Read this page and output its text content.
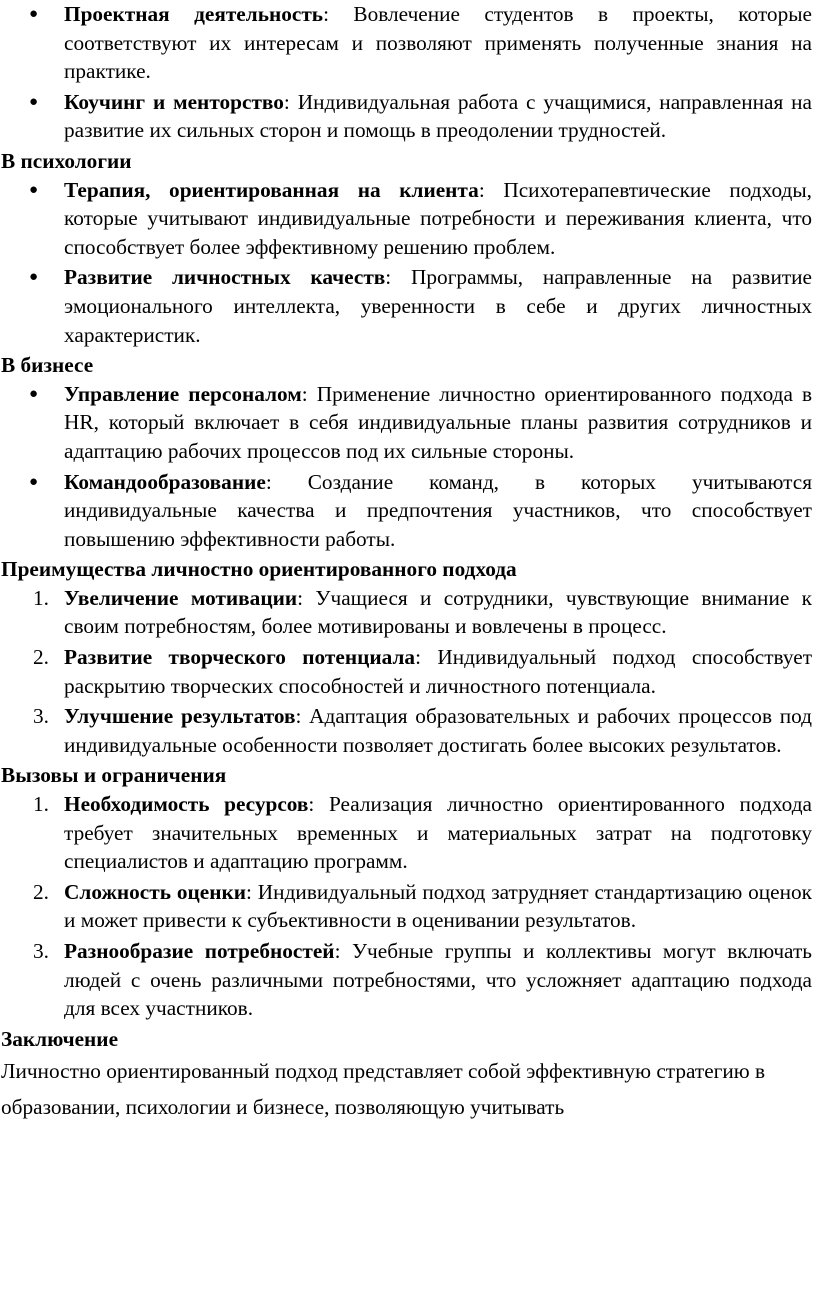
●	Проектная деятельность: Вовлечение студентов в проекты, которые соответствуют их интересам и позволяют применять полученные знания на практике.
●	Коучинг и менторство: Индивидуальная работа с учащимися, направленная на развитие их сильных сторон и помощь в преодолении трудностей.

В психологии

●	Терапия, ориентированная на клиента: Психотерапевтические подходы, которые учитывают индивидуальные потребности и переживания клиента, что способствует более эффективному решению проблем.
●	Развитие личностных качеств: Программы, направленные на развитие эмоционального интеллекта, уверенности в себе и других личностных характеристик.

В бизнесе

●	Управление персоналом: Применение личностно ориентированного подхода в HR, который включает в себя индивидуальные планы развития сотрудников и адаптацию рабочих процессов под их сильные стороны.
●	Командообразование: Создание команд, в которых учитываются индивидуальные качества и предпочтения участников, что способствует повышению эффективности работы.

Преимущества личностно ориентированного подхода

1. Увеличение мотивации: Учащиеся и сотрудники, чувствующие внимание к своим потребностям, более мотивированы и вовлечены в процесс.
2. Развитие творческого потенциала: Индивидуальный подход способствует раскрытию творческих способностей и личностного потенциала.
3. Улучшение результатов: Адаптация образовательных и рабочих процессов под индивидуальные особенности позволяет достигать более высоких результатов.

Вызовы и ограничения

1. Необходимость ресурсов: Реализация личностно ориентированного подхода требует значительных временных и материальных затрат на подготовку специалистов и адаптацию программ.
2. Сложность оценки: Индивидуальный подход затрудняет стандартизацию оценок и может привести к субъективности в оценивании результатов.
3. Разнообразие потребностей: Учебные группы и коллективы могут включать людей с очень различными потребностями, что усложняет адаптацию подхода для всех участников.

Заключение

Личностно ориентированный подход представляет собой эффективную стратегию в образовании, психологии и бизнесе, позволяющую учитывать
